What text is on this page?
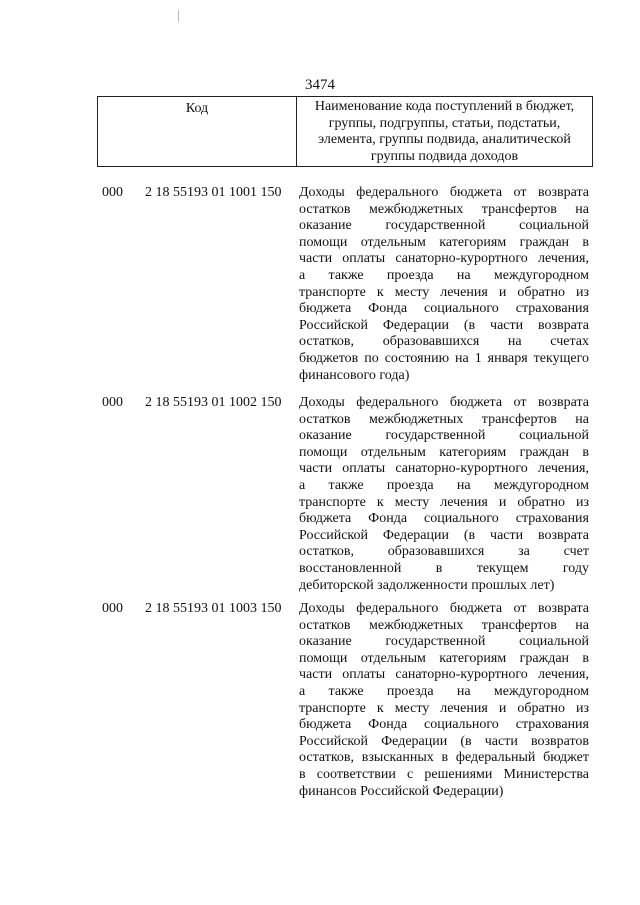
3474
Код	Наименование кода поступлений в бюджет, группы, подгруппы, статьи, подстатьи, элемента, группы подвида, аналитической группы подвида доходов
000 2 18 55193 01 1001 150 Доходы федерального бюджета от возврата
остатков межбюджетных трансфертов на
оказание государственной социальной
помощи отдельным категориям граждан в
части оплаты санаторно-курортного лечения,
а также проезда на междугородном
транспорте к месту лечения и обратно из
бюджета Фонда социального страхования
Российской Федерации (в части возврата
остатков, образовавшихся на счетах
бюджетов по состоянию на 1 января текущего
финансового года)
000 2 18 55193 01 1002 150 Доходы федерального бюджета от возврата
остатков межбюджетных трансфертов на
оказание государственной социальной
помощи отдельным категориям граждан в
части оплаты санаторно-курортного лечения,
а также проезда на междугородном
транспорте к месту лечения и обратно из
бюджета Фонда социального страхования
Российской Федерации (в части возврата
остатков, образовавшихся за счет
восстановленной в текущем году
дебиторской задолженности прошлых лет)
000 2 18 55193 01 1003 150 Доходы федерального бюджета от возврата
остатков межбюджетных трансфертов на
оказание государственной социальной
помощи отдельным категориям граждан в
части оплаты санаторно-курортного лечения,
а также проезда на междугородном
транспорте к месту лечения и обратно из
бюджета Фонда социального страхования
Российской Федерации (в части возвратов
остатков, взысканных в федеральный бюджет
в соответствии с решениями Министерства
финансов Российской Федерации)
